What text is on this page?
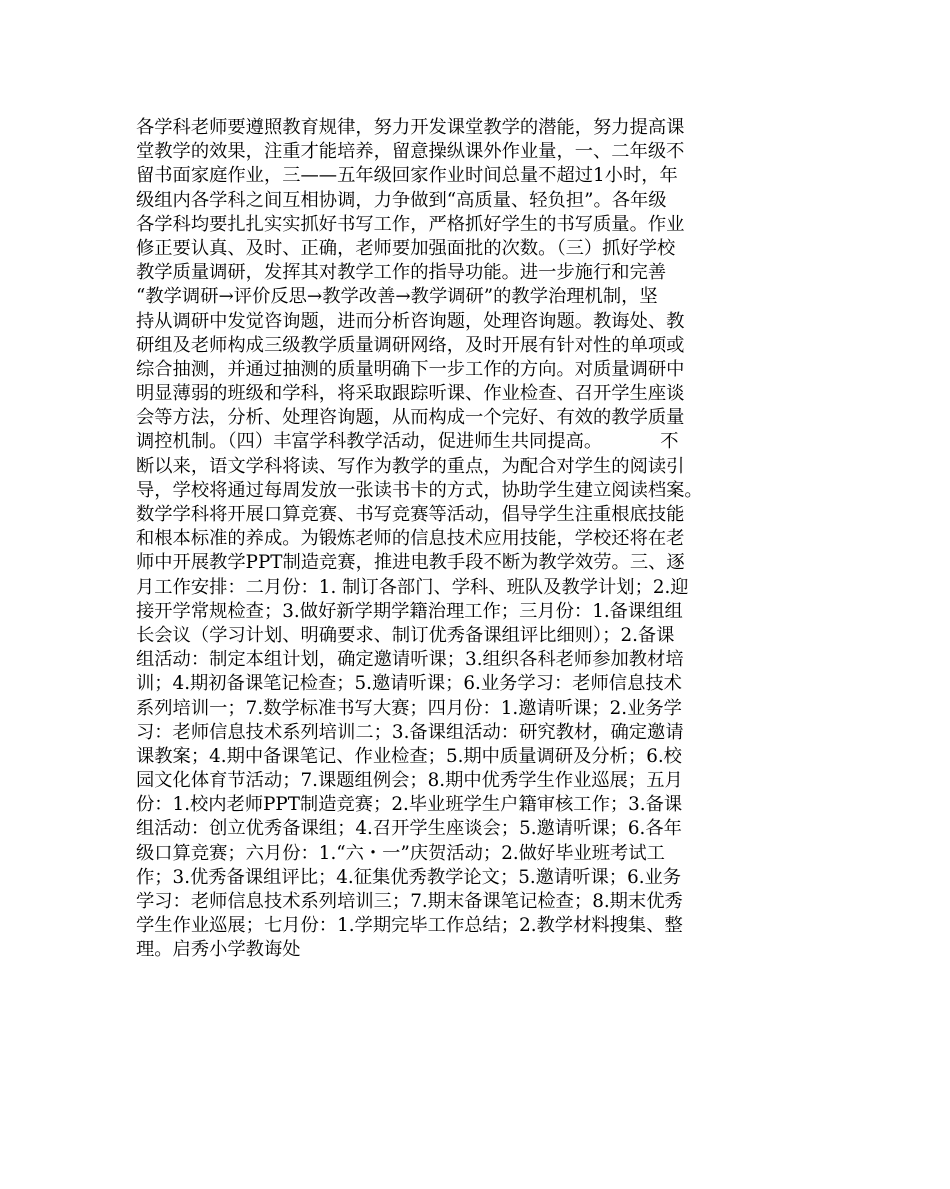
各学科老师要遵照教育规律，努力开发课堂教学的潜能，努力提高课
堂教学的效果，注重才能培养，留意操纵课外作业量，一、二年级不
留书面家庭作业，三——五年级回家作业时间总量不超过1小时，年
级组内各学科之间互相协调，力争做到“高质量、轻负担”。各年级
各学科均要扎扎实实抓好书写工作，严格抓好学生的书写质量。作业
修正要认真、及时、正确，老师要加强面批的次数。（三）抓好学校
教学质量调研，发挥其对教学工作的指导功能。进一步施行和完善
“教学调研→评价反思→教学改善→教学调研”的教学治理机制，坚
持从调研中发觉咨询题，进而分析咨询题，处理咨询题。教诲处、教
研组及老师构成三级教学质量调研网络，及时开展有针对性的单项或
综合抽测，并通过抽测的质量明确下一步工作的方向。对质量调研中
明显薄弱的班级和学科，将采取跟踪听课、作业检查、召开学生座谈
会等方法，分析、处理咨询题，从而构成一个完好、有效的教学质量
调控机制。（四）丰富学科教学活动，促进师生共同提高。          不
断以来，语文学科将读、写作为教学的重点，为配合对学生的阅读引
导，学校将通过每周发放一张读书卡的方式，协助学生建立阅读档案。
数学学科将开展口算竞赛、书写竞赛等活动，倡导学生注重根底技能
和根本标准的养成。为锻炼老师的信息技术应用技能，学校还将在老
师中开展教学PPT制造竞赛，推进电教手段不断为教学效劳。三、逐
月工作安排：二月份：1. 制订各部门、学科、班队及教学计划；2.迎
接开学常规检查；3.做好新学期学籍治理工作；三月份：1.备课组组
长会议（学习计划、明确要求、制订优秀备课组评比细则）；2.备课
组活动：制定本组计划，确定邀请听课；3.组织各科老师参加教材培
训；4.期初备课笔记检查；5.邀请听课；6.业务学习：老师信息技术
系列培训一；7.数学标准书写大赛；四月份：1.邀请听课；2.业务学
习：老师信息技术系列培训二；3.备课组活动：研究教材，确定邀请
课教案；4.期中备课笔记、作业检查；5.期中质量调研及分析；6.校
园文化体育节活动；7.课题组例会；8.期中优秀学生作业巡展；五月
份：1.校内老师PPT制造竞赛；2.毕业班学生户籍审核工作；3.备课
组活动：创立优秀备课组；4.召开学生座谈会；5.邀请听课；6.各年
级口算竞赛；六月份：1.“六・一”庆贺活动；2.做好毕业班考试工
作；3.优秀备课组评比；4.征集优秀教学论文；5.邀请听课；6.业务
学习：老师信息技术系列培训三；7.期末备课笔记检查；8.期末优秀
学生作业巡展；七月份：1.学期完毕工作总结；2.教学材料搜集、整
理。启秀小学教诲处
